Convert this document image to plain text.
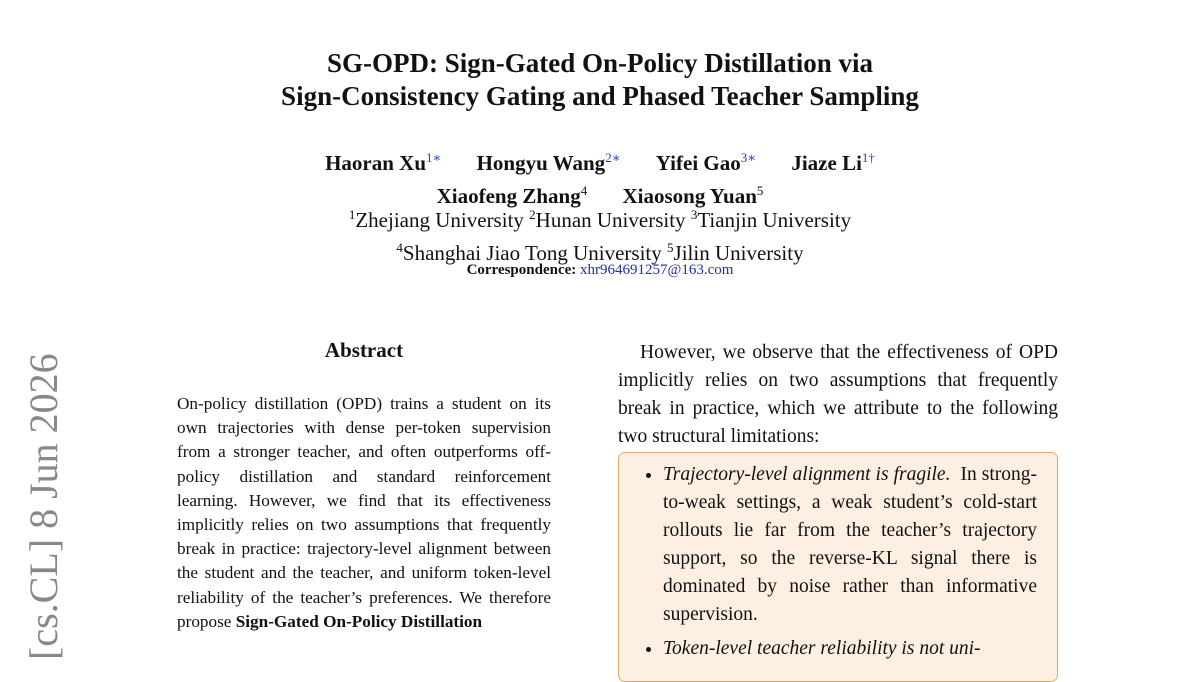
SG-OPD: Sign-Gated On-Policy Distillation via
Sign-Consistency Gating and Phased Teacher Sampling
Haoran $Xu^{1∗}$ Hongyu Wang$^{2∗}$ Yifei Gao$^{3∗}$ Jiaze $Li^{1\dagger}$
Xiaofeng Zhang$^4$ Xiaosong Yuan$^5$
$^1$Zhejiang University $^2$Hunan University $^3$Tianjin University
$^4$Shanghai Jiao Tong University $^5$Jilin University
Correspondence: xhr964691257@163.com
Abstract
On-policy distillation (OPD) trains a student on its own trajectories with dense per-token supervision from a stronger teacher, and often outperforms off-policy distillation and standard reinforcement learning. However, we find that its effectiveness implicitly relies on two assumptions that frequently break in practice: trajectory-level alignment between the student and the teacher, and uniform token-level reliability of the teacher’s preferences. We therefore propose Sign-Gated On-Policy Distillation

However, we observe that the effectiveness of OPD implicitly relies on two assumptions that frequently break in practice, which we attribute to the following two structural limitations:

• Trajectory-level alignment is fragile. In strong-to-weak settings, a weak student’s cold-start rollouts lie far from the teacher’s trajectory support, so the reverse-KL signal there is dominated by noise rather than informative supervision.
• Token-level teacher reliability is not uni-
[cs.CL] 8 Jun 2026
